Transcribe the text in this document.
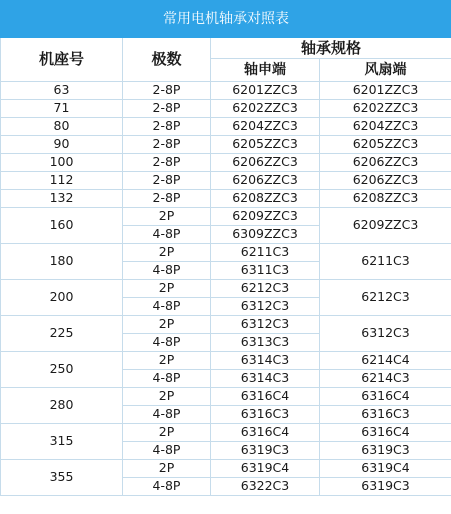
常用电机轴承对照表			
机座号	极数	轴承规格	
		轴申端	风扇端
63	2-8P	6201ZZC3	6201ZZC3
71	2-8P	6202ZZC3	6202ZZC3
80	2-8P	6204ZZC3	6204ZZC3
90	2-8P	6205ZZC3	6205ZZC3
100	2-8P	6206ZZC3	6206ZZC3
112	2-8P	6206ZZC3	6206ZZC3
132	2-8P	6208ZZC3	6208ZZC3
160	2P	6209ZZC3	6209ZZC3
	4-8P	6309ZZC3	
180	2P	6211C3	6211C3
	4-8P	6311C3	
200	2P	6212C3	6212C3
	4-8P	6312C3	
225	2P	6312C3	6312C3
	4-8P	6313C3	
250	2P	6314C3	6214C4
	4-8P	6314C3	6214C3
280	2P	6316C4	6316C4
	4-8P	6316C3	6316C3
315	2P	6316C4	6316C4
	4-8P	6319C3	6319C3
355	2P	6319C4	6319C4
	4-8P	6322C3	6319C3
